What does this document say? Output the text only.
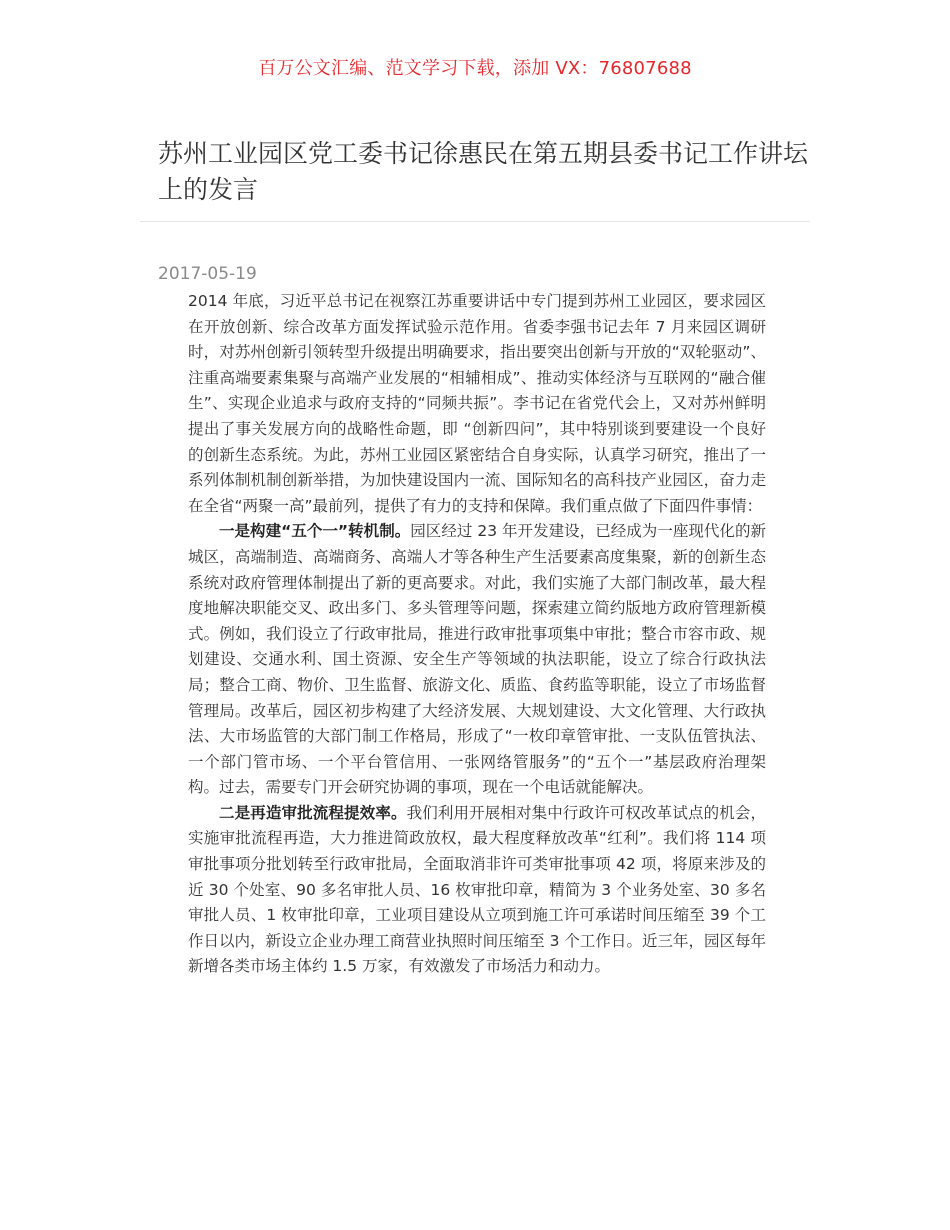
百万公文汇编、范文学习下载，添加 VX：76807688
苏州工业园区党工委书记徐惠民在第五期县委书记工作讲坛上的发言
2017-05-19

2014 年底，习近平总书记在视察江苏重要讲话中专门提到苏州工业园区，要求园区在开放创新、综合改革方面发挥试验示范作用。省委李强书记去年 7 月来园区调研时，对苏州创新引领转型升级提出明确要求，指出要突出创新与开放的“双轮驱动”、注重高端要素集聚与高端产业发展的“相辅相成”、推动实体经济与互联网的“融合催生”、实现企业追求与政府支持的“同频共振”。李书记在省党代会上，又对苏州鲜明提出了事关发展方向的战略性命题，即 “创新四问”，其中特别谈到要建设一个良好的创新生态系统。为此，苏州工业园区紧密结合自身实际，认真学习研究，推出了一系列体制机制创新举措，为加快建设国内一流、国际知名的高科技产业园区，奋力走在全省“两聚一高”最前列，提供了有力的支持和保障。我们重点做了下面四件事情：

一是构建“五个一”转机制。园区经过 23 年开发建设，已经成为一座现代化的新城区，高端制造、高端商务、高端人才等各种生产生活要素高度集聚，新的创新生态系统对政府管理体制提出了新的更高要求。对此，我们实施了大部门制改革，最大程度地解决职能交叉、政出多门、多头管理等问题，探索建立简约版地方政府管理新模式。例如，我们设立了行政审批局，推进行政审批事项集中审批；整合市容市政、规划建设、交通水利、国土资源、安全生产等领域的执法职能，设立了综合行政执法局；整合工商、物价、卫生监督、旅游文化、质监、食药监等职能，设立了市场监督管理局。改革后，园区初步构建了大经济发展、大规划建设、大文化管理、大行政执法、大市场监管的大部门制工作格局，形成了“一枚印章管审批、一支队伍管执法、一个部门管市场、一个平台管信用、一张网络管服务”的“五个一”基层政府治理架构。过去，需要专门开会研究协调的事项，现在一个电话就能解决。

二是再造审批流程提效率。我们利用开展相对集中行政许可权改革试点的机会，实施审批流程再造，大力推进简政放权，最大程度释放改革“红利”。我们将 114 项审批事项分批划转至行政审批局，全面取消非许可类审批事项 42 项，将原来涉及的近 30 个处室、90 多名审批人员、16 枚审批印章，精简为 3 个业务处室、30 多名审批人员、1 枚审批印章，工业项目建设从立项到施工许可承诺时间压缩至 39 个工作日以内，新设立企业办理工商营业执照时间压缩至 3 个工作日。近三年，园区每年新增各类市场主体约 1.5 万家，有效激发了市场活力和动力。
